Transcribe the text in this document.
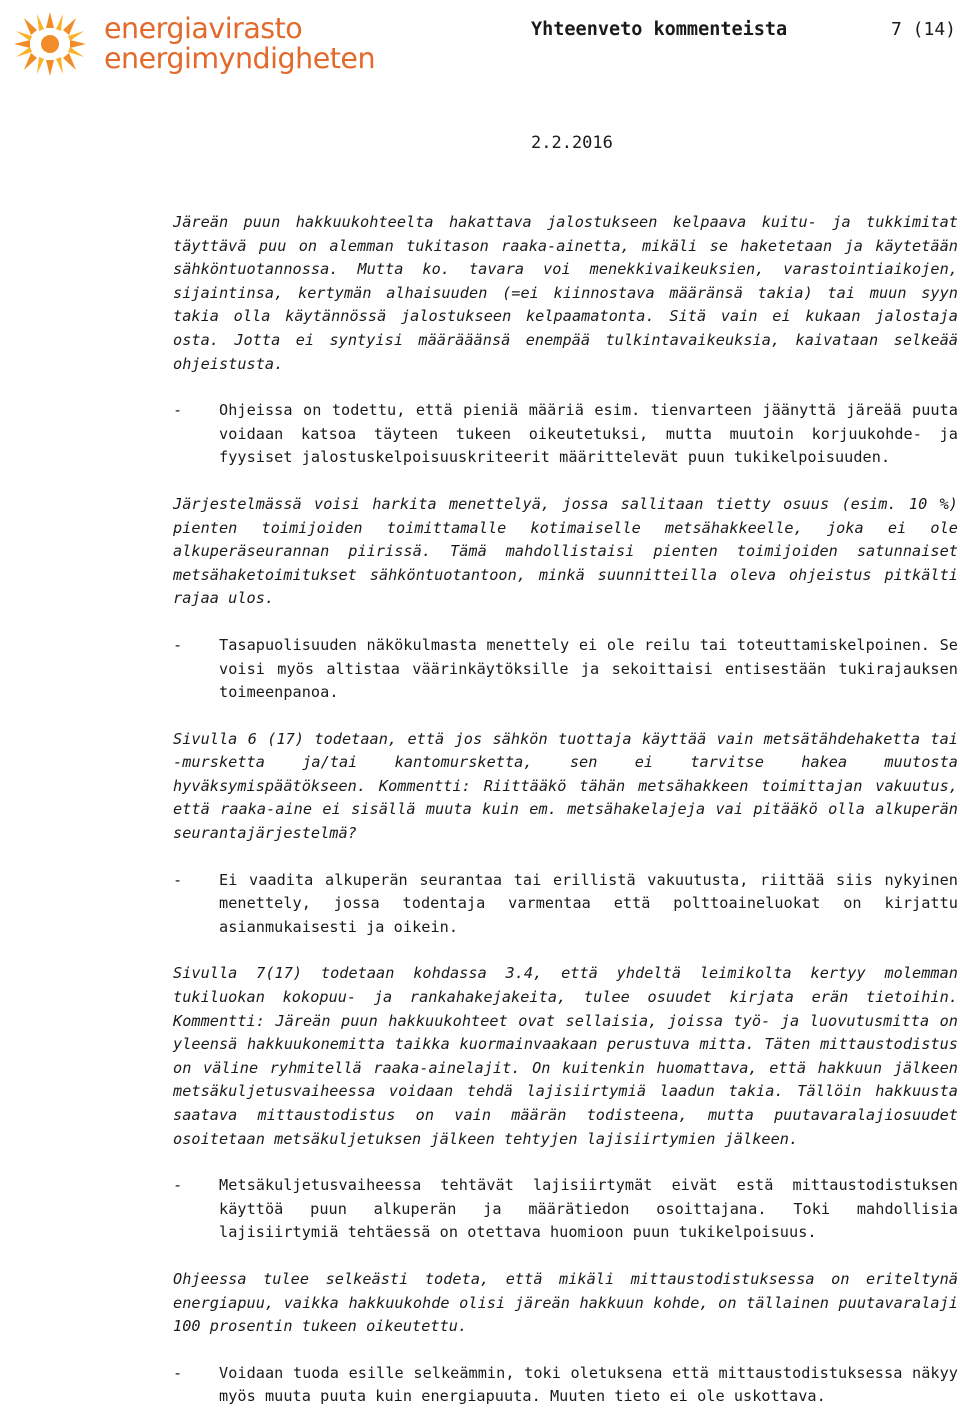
energiavirasto
energimyndigheten
Yhteenveto kommenteista	7 (14)
2.2.2016

Järeän puun hakkuukohteelta hakattava jalostukseen kelpaava kuitu- ja tukkimitat täyttävä puu on alemman tukitason raaka-ainetta, mikäli se haketetaan ja käytetään sähköntuotannossa. Mutta ko. tavara voi menekkivaikeuksien, varastointiaikojen, sijaintinsa, kertymän alhaisuuden (=ei kiinnostava määränsä takia) tai muun syyn takia olla käytännössä jalostukseen kelpaamatonta. Sitä vain ei kukaan jalostaja osta. Jotta ei syntyisi määrääänsä enempää tulkintavaikeuksia, kaivataan selkeää ohjeistusta.

-	Ohjeissa on todettu, että pieniä määriä esim. tienvarteen jäänyttä järeää puuta voidaan katsoa täyteen tukeen oikeutetuksi, mutta muutoin korjuukohde- ja fyysiset jalostuskelpoisuuskriteerit määrittelevät puun tukikelpoisuuden.

Järjestelmässä voisi harkita menettelyä, jossa sallitaan tietty osuus (esim. 10 %) pienten toimijoiden toimittamalle kotimaiselle metsähakkeelle, joka ei ole alkuperäseurannan piirissä. Tämä mahdollistaisi pienten toimijoiden satunnaiset metsähaketoimitukset sähköntuotantoon, minkä suunnitteilla oleva ohjeistus pitkälti rajaa ulos.

-	Tasapuolisuuden näkökulmasta menettely ei ole reilu tai toteuttamiskelpoinen. Se voisi myös altistaa väärinkäytöksille ja sekoittaisi entisestään tukirajauksen toimeenpanoa.

Sivulla 6 (17) todetaan, että jos sähkön tuottaja käyttää vain metsätähdehaketta tai -mursketta ja/tai kantomursketta, sen ei tarvitse hakea muutosta hyväksymispäätökseen. Kommentti: Riittääkö tähän metsähakkeen toimittajan vakuutus, että raaka-aine ei sisällä muuta kuin em. metsähakelajeja vai pitääkö olla alkuperän seurantajärjestelmä?

-	Ei vaadita alkuperän seurantaa tai erillistä vakuutusta, riittää siis nykyinen menettely, jossa todentaja varmentaa että polttoaineluokat on kirjattu asianmukaisesti ja oikein.

Sivulla 7(17) todetaan kohdassa 3.4, että yhdeltä leimikolta kertyy molemman tukiluokan kokopuu- ja rankahakejakeita, tulee osuudet kirjata erän tietoihin. Kommentti: Järeän puun hakkuukohteet ovat sellaisia, joissa työ- ja luovutusmitta on yleensä hakkuukonemitta taikka kuormainvaakaan perustuva mitta. Täten mittaustodistus on väline ryhmitellä raaka-ainelajit. On kuitenkin huomattava, että hakkuun jälkeen metsäkuljetusvaiheessa voidaan tehdä lajisiirtymiä laadun takia. Tällöin hakkuusta saatava mittaustodistus on vain määrän todisteena, mutta puutavaralajiosuudet osoitetaan metsäkuljetuksen jälkeen tehtyjen lajisiirtymien jälkeen.

-	Metsäkuljetusvaiheessa tehtävät lajisiirtymät eivät estä mittaustodistuksen käyttöä puun alkuperän ja määrätiedon osoittajana. Toki mahdollisia lajisiirtymiä tehtäessä on otettava huomioon puun tukikelpoisuus.

Ohjeessa tulee selkeästi todeta, että mikäli mittaustodistuksessa on eriteltynä energiapuu, vaikka hakkuukohde olisi järeän hakkuun kohde, on tällainen puutavaralaji 100 prosentin tukeen oikeutettu.

-	Voidaan tuoda esille selkeämmin, toki oletuksena että mittaustodistuksessa näkyy myös muuta puuta kuin energiapuuta. Muuten tieto ei ole uskottava.
